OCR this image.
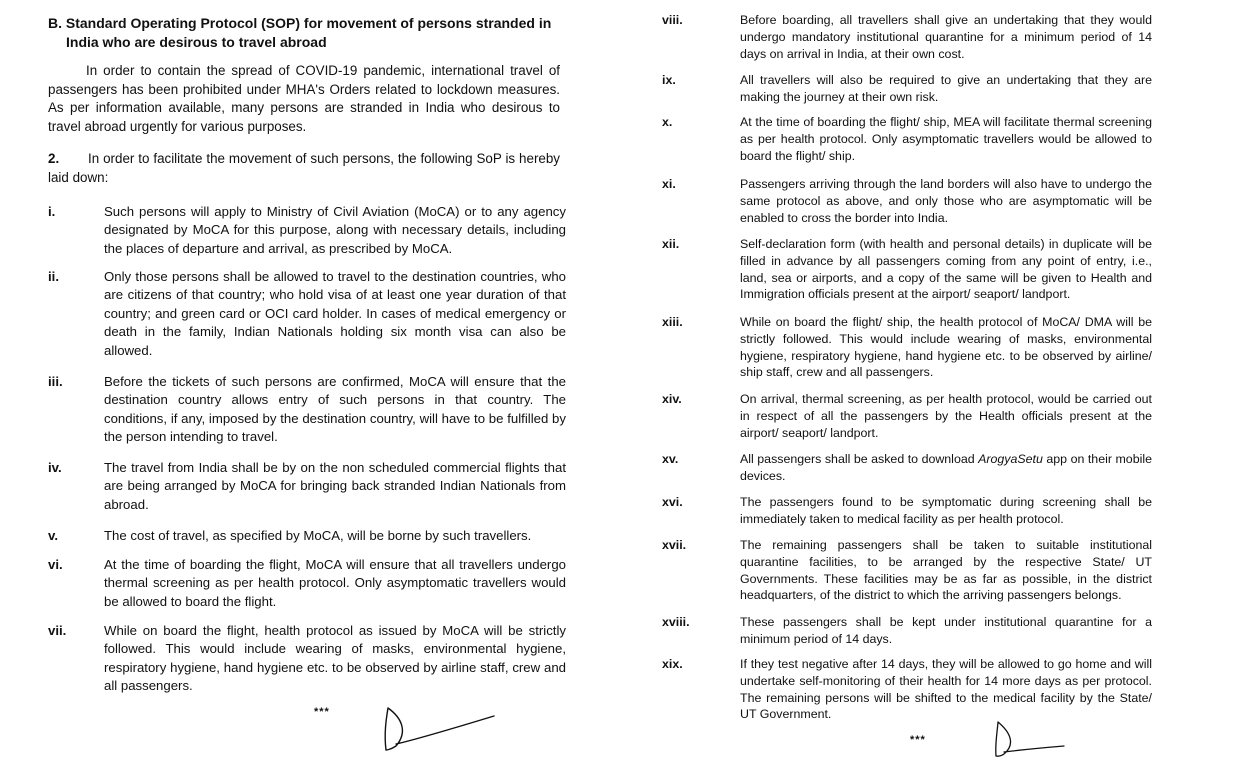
B. Standard Operating Protocol (SOP) for movement of persons stranded in
India who are desirous to travel abroad
In order to contain the spread of COVID-19 pandemic, international travel of passengers has been prohibited under MHA's Orders related to lockdown measures. As per information available, many persons are stranded in India who desirous to travel abroad urgently for various purposes.
2. In order to facilitate the movement of such persons, the following SoP is hereby laid down:
i.	Such persons will apply to Ministry of Civil Aviation (MoCA) or to any agency designated by MoCA for this purpose, along with necessary details, including the places of departure and arrival, as prescribed by MoCA.
ii.	Only those persons shall be allowed to travel to the destination countries, who are citizens of that country; who hold visa of at least one year duration of that country; and green card or OCI card holder. In cases of medical emergency or death in the family, Indian Nationals holding six month visa can also be allowed.
iii.	Before the tickets of such persons are confirmed, MoCA will ensure that the destination country allows entry of such persons in that country. The conditions, if any, imposed by the destination country, will have to be fulfilled by the person intending to travel.
iv.	The travel from India shall be by on the non scheduled commercial flights that are being arranged by MoCA for bringing back stranded Indian Nationals from abroad.
v.	The cost of travel, as specified by MoCA, will be borne by such travellers.
vi.	At the time of boarding the flight, MoCA will ensure that all travellers undergo thermal screening as per health protocol. Only asymptomatic travellers would be allowed to board the flight.
vii.	While on board the flight, health protocol as issued by MoCA will be strictly followed. This would include wearing of masks, environmental hygiene, respiratory hygiene, hand hygiene etc. to be observed by airline staff, crew and all passengers.
***
viii.	Before boarding, all travellers shall give an undertaking that they would undergo mandatory institutional quarantine for a minimum period of 14 days on arrival in India, at their own cost.
ix.	All travellers will also be required to give an undertaking that they are making the journey at their own risk.
x.	At the time of boarding the flight/ ship, MEA will facilitate thermal screening as per health protocol. Only asymptomatic travellers would be allowed to board the flight/ ship.
xi.	Passengers arriving through the land borders will also have to undergo the same protocol as above, and only those who are asymptomatic will be enabled to cross the border into India.
xii.	Self-declaration form (with health and personal details) in duplicate will be filled in advance by all passengers coming from any point of entry, i.e., land, sea or airports, and a copy of the same will be given to Health and Immigration officials present at the airport/ seaport/ landport.
xiii.	While on board the flight/ ship, the health protocol of MoCA/ DMA will be strictly followed. This would include wearing of masks, environmental hygiene, respiratory hygiene, hand hygiene etc. to be observed by airline/ ship staff, crew and all passengers.
xiv.	On arrival, thermal screening, as per health protocol, would be carried out in respect of all the passengers by the Health officials present at the airport/ seaport/ landport.
xv.	All passengers shall be asked to download ArogyaSetu app on their mobile devices.
xvi.	The passengers found to be symptomatic during screening shall be immediately taken to medical facility as per health protocol.
xvii.	The remaining passengers shall be taken to suitable institutional quarantine facilities, to be arranged by the respective State/ UT Governments. These facilities may be as far as possible, in the district headquarters, of the district to which the arriving passengers belongs.
xviii.	These passengers shall be kept under institutional quarantine for a minimum period of 14 days.
xix.	If they test negative after 14 days, they will be allowed to go home and will undertake self-monitoring of their health for 14 more days as per protocol. The remaining persons will be shifted to the medical facility by the State/ UT Government.
***
